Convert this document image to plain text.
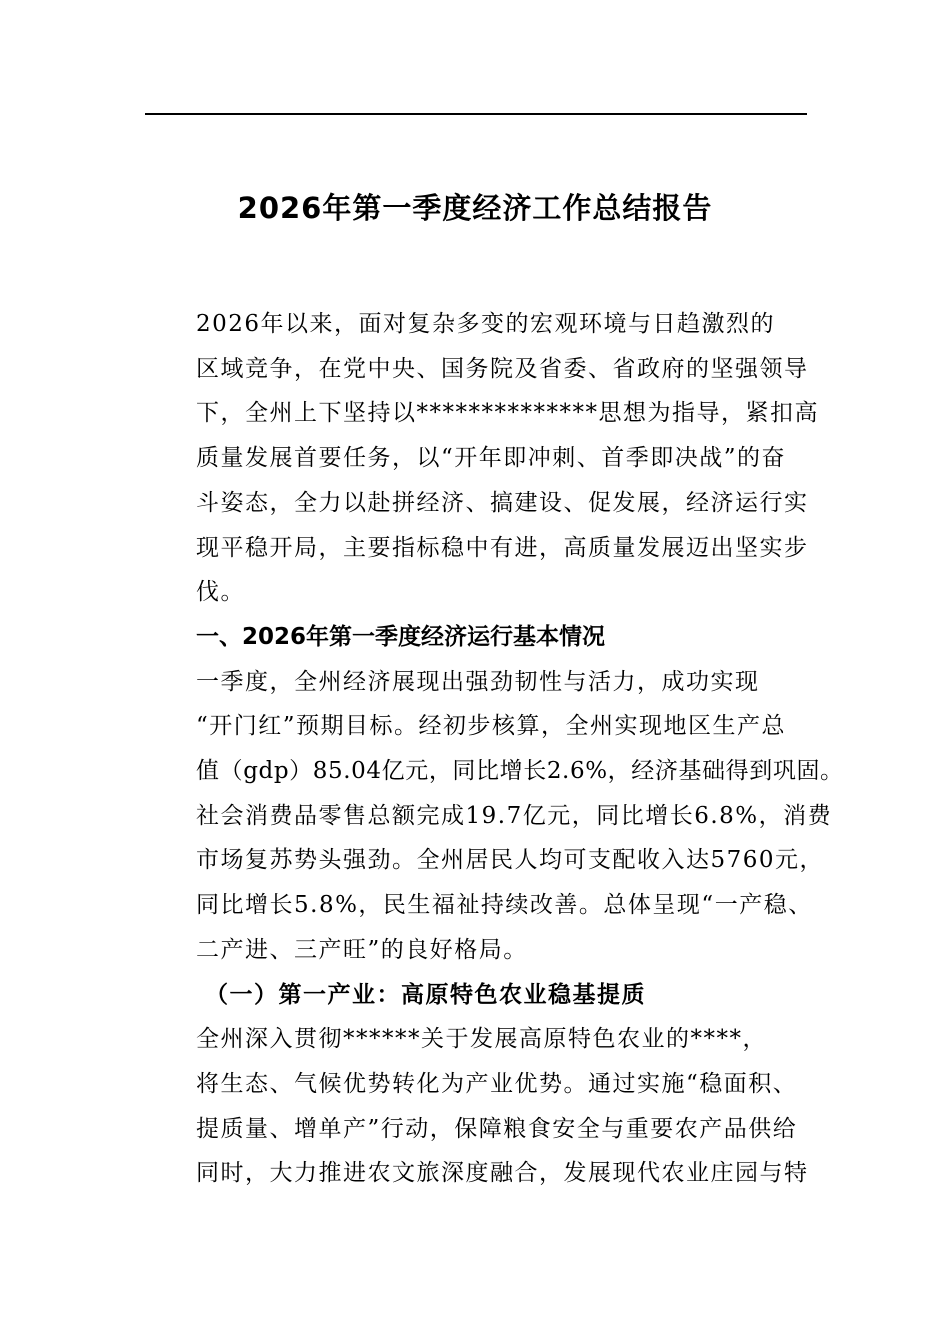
2026年第一季度经济工作总结报告

2026年以来，面对复杂多变的宏观环境与日趋激烈的
区域竞争，在党中央、国务院及省委、省政府的坚强领导
下，全州上下坚持以**************思想为指导，紧扣高
质量发展首要任务，以“开年即冲刺、首季即决战”的奋
斗姿态，全力以赴拼经济、搞建设、促发展，经济运行实
现平稳开局，主要指标稳中有进，高质量发展迈出坚实步
伐。

一、2026年第一季度经济运行基本情况

一季度，全州经济展现出强劲韧性与活力，成功实现
“开门红”预期目标。经初步核算，全州实现地区生产总
值（gdp）85.04亿元，同比增长2.6%，经济基础得到巩固。
社会消费品零售总额完成19.7亿元，同比增长6.8%，消费
市场复苏势头强劲。全州居民人均可支配收入达5760元，
同比增长5.8%，民生福祉持续改善。总体呈现“一产稳、
二产进、三产旺”的良好格局。

（一）第一产业：高原特色农业稳基提质

全州深入贯彻******关于发展高原特色农业的****，
将生态、气候优势转化为产业优势。通过实施“稳面积、
提质量、增单产”行动，保障粮食安全与重要农产品供给
同时，大力推进农文旅深度融合，发展现代农业庄园与特
